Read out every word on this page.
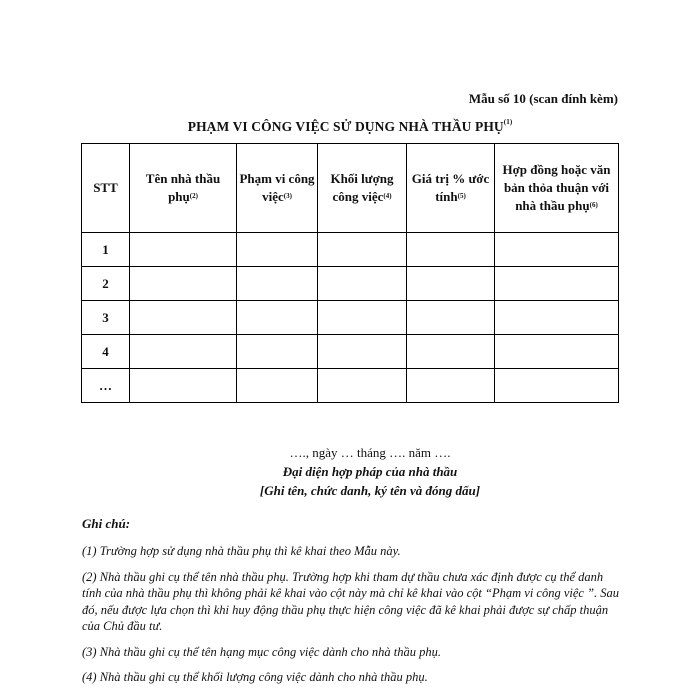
Mẫu số 10 (scan đính kèm)
PHẠM VI CÔNG VIỆC SỬ DỤNG NHÀ THẦU PHỤ$^{(1)}$
STT	Tên nhà thầu phụ$^{(2)}$	Phạm vi công việc$^{(3)}$	Khối lượng công việc$^{(4)}$	Giá trị % ước tính$^{(5)}$	Hợp đồng hoặc văn bản thỏa thuận với nhà thầu phụ$^{(6)}$
1					
2					
3					
4					
…					
…., ngày … tháng …. năm ….
Đại diện hợp pháp của nhà thầu
[Ghi tên, chức danh, ký tên và đóng dấu]
Ghi chú:

(1) Trường hợp sử dụng nhà thầu phụ thì kê khai theo Mẫu này.

(2) Nhà thầu ghi cụ thể tên nhà thầu phụ. Trường hợp khi tham dự thầu chưa xác định được cụ thể danh tính của nhà thầu phụ thì không phải kê khai vào cột này mà chỉ kê khai vào cột “Phạm vi công việc ”. Sau đó, nếu được lựa chọn thì khi huy động thầu phụ thực hiện công việc đã kê khai phải được sự chấp thuận của Chủ đầu tư.

(3) Nhà thầu ghi cụ thể tên hạng mục công việc dành cho nhà thầu phụ.

(4) Nhà thầu ghi cụ thể khối lượng công việc dành cho nhà thầu phụ.
